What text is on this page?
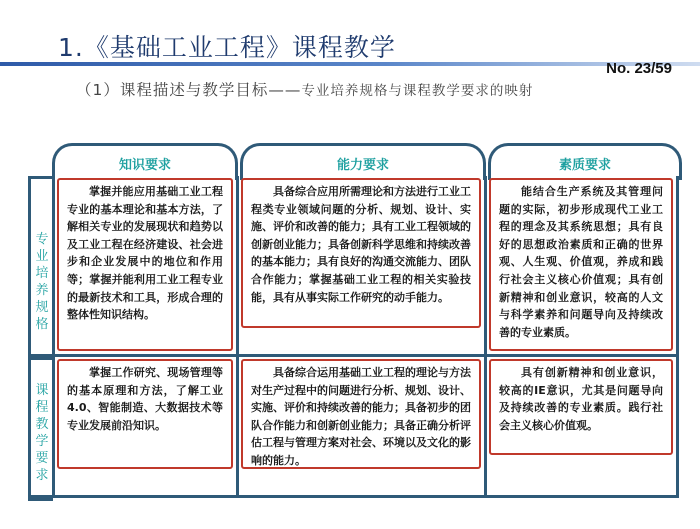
1.《基础工业工程》课程教学
No. 23/59
（1）课程描述与教学目标——专业培养规格与课程教学要求的映射
知识要求	能力要求	素质要求
专业培养规格
课程教学要求
掌握并能应用基础工业工程专业的基本理论和基本方法，了解相关专业的发展现状和趋势以及工业工程在经济建设、社会进步和企业发展中的地位和作用等；掌握并能利用工业工程专业的最新技术和工具，形成合理的整体性知识结构。
具备综合应用所需理论和方法进行工业工程类专业领域问题的分析、规划、设计、实施、评价和改善的能力；具有工业工程领域的创新创业能力；具备创新科学思维和持续改善的基本能力；具有良好的沟通交流能力、团队合作能力；掌握基础工业工程的相关实验技能，具有从事实际工作研究的动手能力。
能结合生产系统及其管理问题的实际，初步形成现代工业工程的理念及其系统思想；具有良好的思想政治素质和正确的世界观、人生观、价值观，养成和践行社会主义核心价值观；具有创新精神和创业意识，较高的人文与科学素养和问题导向及持续改善的专业素质。
掌握工作研究、现场管理等的基本原理和方法，了解工业4.0、智能制造、大数据技术等专业发展前沿知识。
具备综合运用基础工业工程的理论与方法对生产过程中的问题进行分析、规划、设计、实施、评价和持续改善的能力；具备初步的团队合作能力和创新创业能力；具备正确分析评估工程与管理方案对社会、环境以及文化的影响的能力。
具有创新精神和创业意识，较高的IE意识，尤其是问题导向及持续改善的专业素质。践行社会主义核心价值观。
